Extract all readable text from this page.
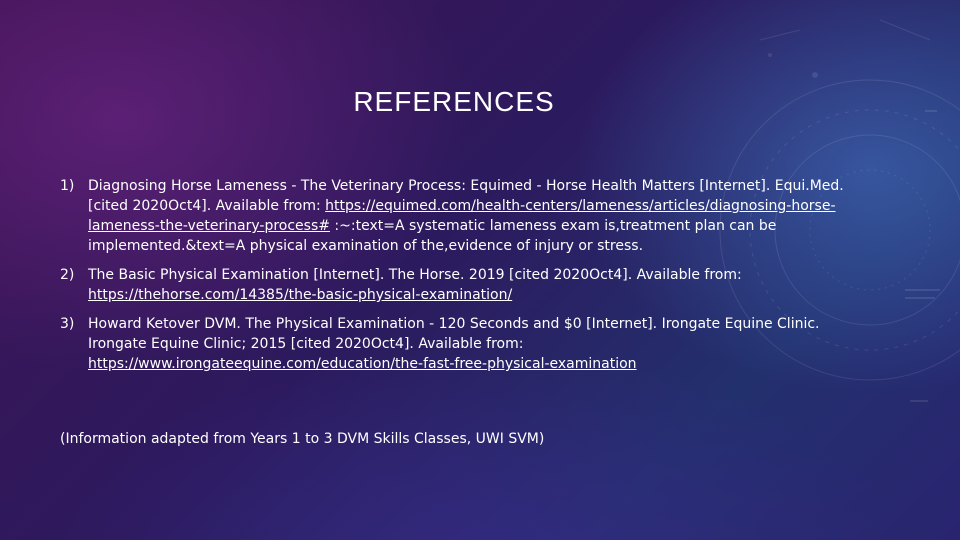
REFERENCES
1) Diagnosing Horse Lameness - The Veterinary Process: Equimed - Horse Health Matters [Internet]. Equi.Med. [cited 2020Oct4]. Available from: https://equimed.com/health-centers/lameness/articles/diagnosing-horse-lameness-the-veterinary-process# :~:text=A systematic lameness exam is,treatment plan can be implemented.&text=A physical examination of the,evidence of injury or stress.
2) The Basic Physical Examination [Internet]. The Horse. 2019 [cited 2020Oct4]. Available from: https://thehorse.com/14385/the-basic-physical-examination/
3) Howard Ketover DVM. The Physical Examination - 120 Seconds and $0 [Internet]. Irongate Equine Clinic. Irongate Equine Clinic; 2015 [cited 2020Oct4]. Available from: https://www.irongateequine.com/education/the-fast-free-physical-examination
(Information adapted from Years 1 to 3 DVM Skills Classes, UWI SVM)
